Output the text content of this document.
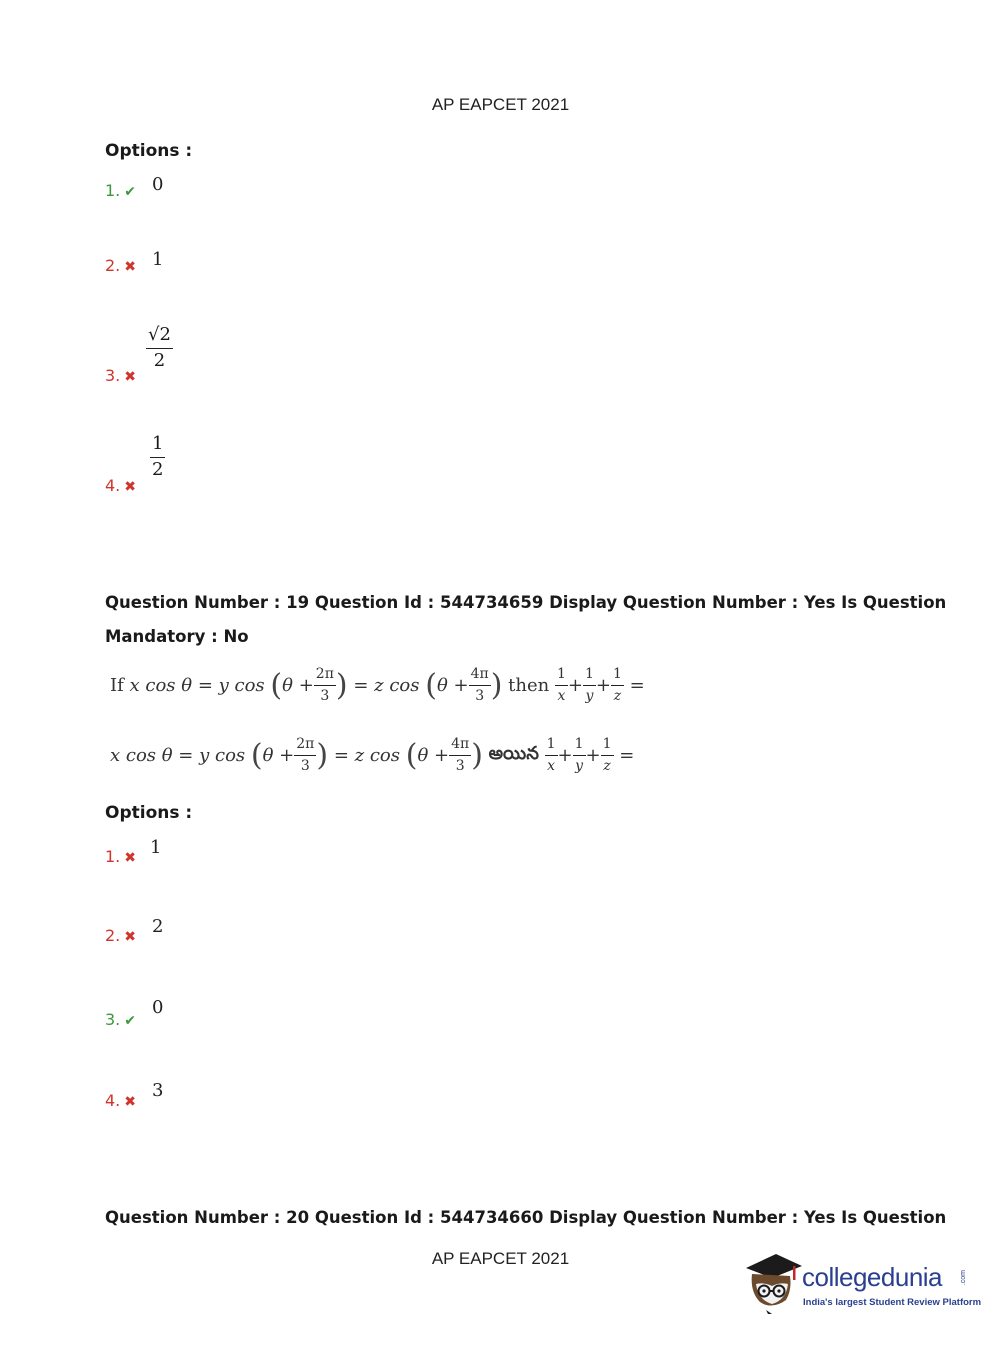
AP EAPCET 2021
Options :
1. ✔ 0
2. ✖ 1
3. ✖
$\frac{√2}{2}$
4. ✖
$\frac{1}{2}$
Question Number : 19 Question Id : 544734659 Display Question Number : Yes Is Question
Mandatory : No
If
x cos θ = y cos
( $\theta + \frac{2\pi}{3}$ )
= z cos
( $\theta + \frac{4\pi}{3}$ )
then
$\frac{1}{x} + \frac{1}{y} + \frac{1}{z}$
=
x cos θ = y cos
( $\theta + \frac{2\pi}{3}$ )
= z cos
( $\theta + \frac{4\pi}{3}$ )
అయిన
$\frac{1}{x} + \frac{1}{y} + \frac{1}{z}$
=
Options :
1. ✖ 1
2. ✖ 2
3. ✔
0
4. ✖
3
Question Number : 20 Question Id : 544734660 Display Question Number : Yes Is Question
AP EAPCET 2021
collegedunia	.com
India's largest Student Review Platform
